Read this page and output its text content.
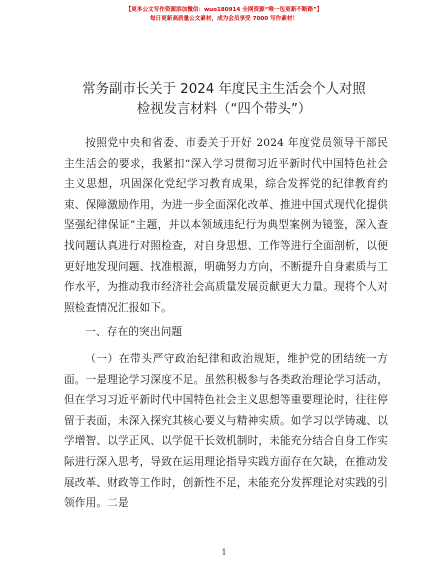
【更多公文写作资源添加微信：wuo180914 全网资源“唯一包更新不断路”】
每日更新高质量公文素材，成为会员享受 7000 写作素材！
常务副市长关于 2024 年度民主生活会个人对照
检视发言材料（“四个带头”）

按照党中央和省委、市委关于开好 2024 年度党员领导干部民主生活会的要求，我紧扣“深入学习贯彻习近平新时代中国特色社会主义思想，巩固深化党纪学习教育成果，综合发挥党的纪律教育约束、保障激励作用，为进一步全面深化改革、推进中国式现代化提供坚强纪律保证”主题，并以本领域违纪行为典型案例为镜鉴，深入查找问题认真进行对照检查，对自身思想、工作等进行全面剖析，以便更好地发现问题、找准根源，明确努力方向，不断提升自身素质与工作水平，为推动我市经济社会高质量发展贡献更大力量。现将个人对照检查情况汇报如下。

一、存在的突出问题

（一）在带头严守政治纪律和政治规矩，维护党的团结统一方面。一是理论学习深度不足。虽然积极参与各类政治理论学习活动，但在学习习近平新时代中国特色社会主义思想等重要理论时，往往停留于表面，未深入探究其核心要义与精神实质。如学习以学铸魂、以学增智、以学正风、以学促干长效机制时，未能充分结合自身工作实际进行深入思考，导致在运用理论指导实践方面存在欠缺，在推动发展改革、财政等工作时，创新性不足，未能充分发挥理论对实践的引领作用。二是

1
